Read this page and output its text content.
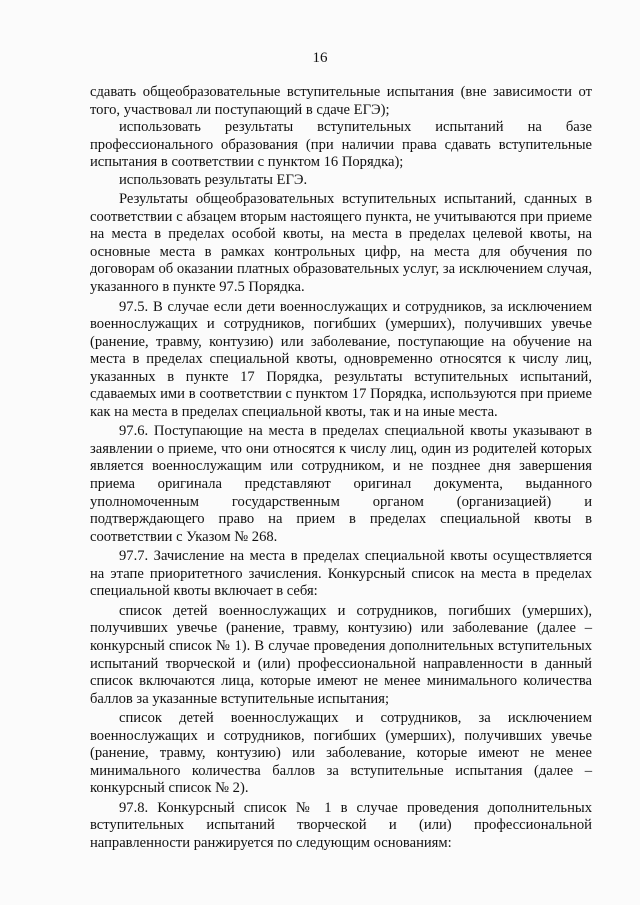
16

сдавать общеобразовательные вступительные испытания (вне зависимости от того, участвовал ли поступающий в сдаче ЕГЭ);

использовать результаты вступительных испытаний на базе профессионального образования (при наличии права сдавать вступительные испытания в соответствии с пунктом 16 Порядка);

использовать результаты ЕГЭ.

Результаты общеобразовательных вступительных испытаний, сданных в соответствии с абзацем вторым настоящего пункта, не учитываются при приеме на места в пределах особой квоты, на места в пределах целевой квоты, на основные места в рамках контрольных цифр, на места для обучения по договорам об оказании платных образовательных услуг, за исключением случая, указанного в пункте 97.5 Порядка.

97.5. В случае если дети военнослужащих и сотрудников, за исключением военнослужащих и сотрудников, погибших (умерших), получивших увечье (ранение, травму, контузию) или заболевание, поступающие на обучение на места в пределах специальной квоты, одновременно относятся к числу лиц, указанных в пункте 17 Порядка, результаты вступительных испытаний, сдаваемых ими в соответствии с пунктом 17 Порядка, используются при приеме как на места в пределах специальной квоты, так и на иные места.

97.6. Поступающие на места в пределах специальной квоты указывают в заявлении о приеме, что они относятся к числу лиц, один из родителей которых является военнослужащим или сотрудником, и не позднее дня завершения приема оригинала представляют оригинал документа, выданного уполномоченным государственным органом (организацией) и подтверждающего право на прием в пределах специальной квоты в соответствии с Указом № 268.

97.7. Зачисление на места в пределах специальной квоты осуществляется на этапе приоритетного зачисления. Конкурсный список на места в пределах специальной квоты включает в себя:

список детей военнослужащих и сотрудников, погибших (умерших), получивших увечье (ранение, травму, контузию) или заболевание (далее – конкурсный список № 1). В случае проведения дополнительных вступительных испытаний творческой и (или) профессиональной направленности в данный список включаются лица, которые имеют не менее минимального количества баллов за указанные вступительные испытания;

список детей военнослужащих и сотрудников, за исключением военнослужащих и сотрудников, погибших (умерших), получивших увечье (ранение, травму, контузию) или заболевание, которые имеют не менее минимального количества баллов за вступительные испытания (далее – конкурсный список № 2).

97.8. Конкурсный список № 1 в случае проведения дополнительных вступительных испытаний творческой и (или) профессиональной направленности ранжируется по следующим основаниям:
